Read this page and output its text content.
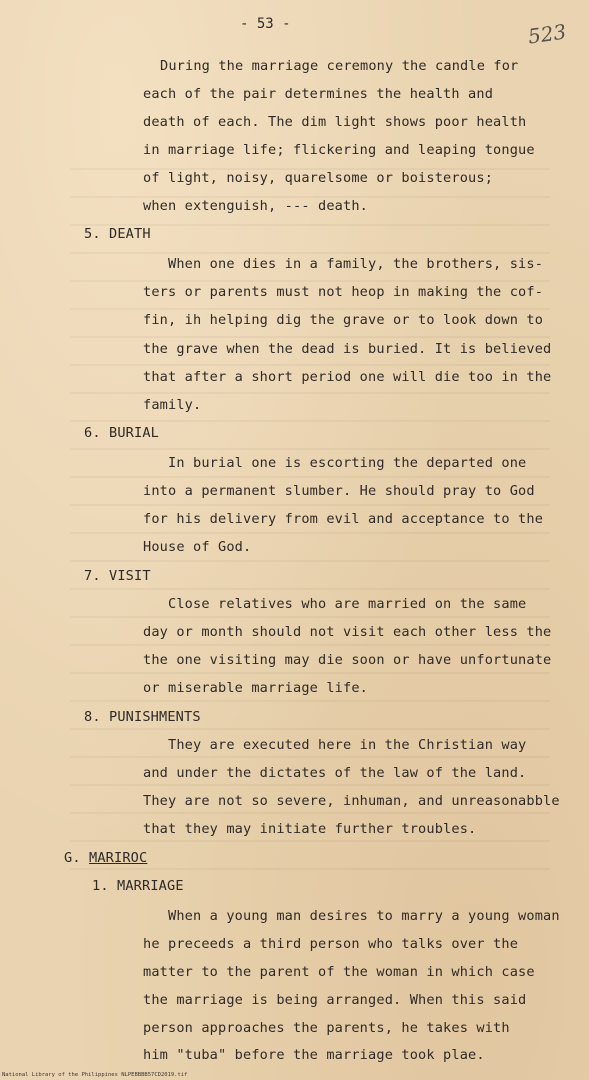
- 53 -	523
During the marriage ceremony the candle for
each of the pair determines the health and
death of each. The dim light shows poor health
in marriage life; flickering and leaping tongue
of light, noisy, quarelsome or boisterous;
when extenguish, --- death.
5. DEATH
When one dies in a family, the brothers, sis-
ters or parents must not heop in making the cof-
fin, ih helping dig the grave or to look down to
the grave when the dead is buried. It is believed
that after a short period one will die too in the
family.
6. BURIAL
In burial one is escorting the departed one
into a permanent slumber. He should pray to God
for his delivery from evil and acceptance to the
House of God.
7. VISIT
Close relatives who are married on the same
day or month should not visit each other less the
the one visiting may die soon or have unfortunate
or miserable marriage life.
8. PUNISHMENTS
They are executed here in the Christian way
and under the dictates of the law of the land.
They are not so severe, inhuman, and unreasonabble
that they may initiate further troubles.
G. MARIROC
1. MARRIAGE
When a young man desires to marry a young woman
he preceeds a third person who talks over the
matter to the parent of the woman in which case
the marriage is being arranged. When this said
person approaches the parents, he takes with
him "tuba" before the marriage took plae.
National Library of the Philippines NLPEBBBB57CD2019.tif
